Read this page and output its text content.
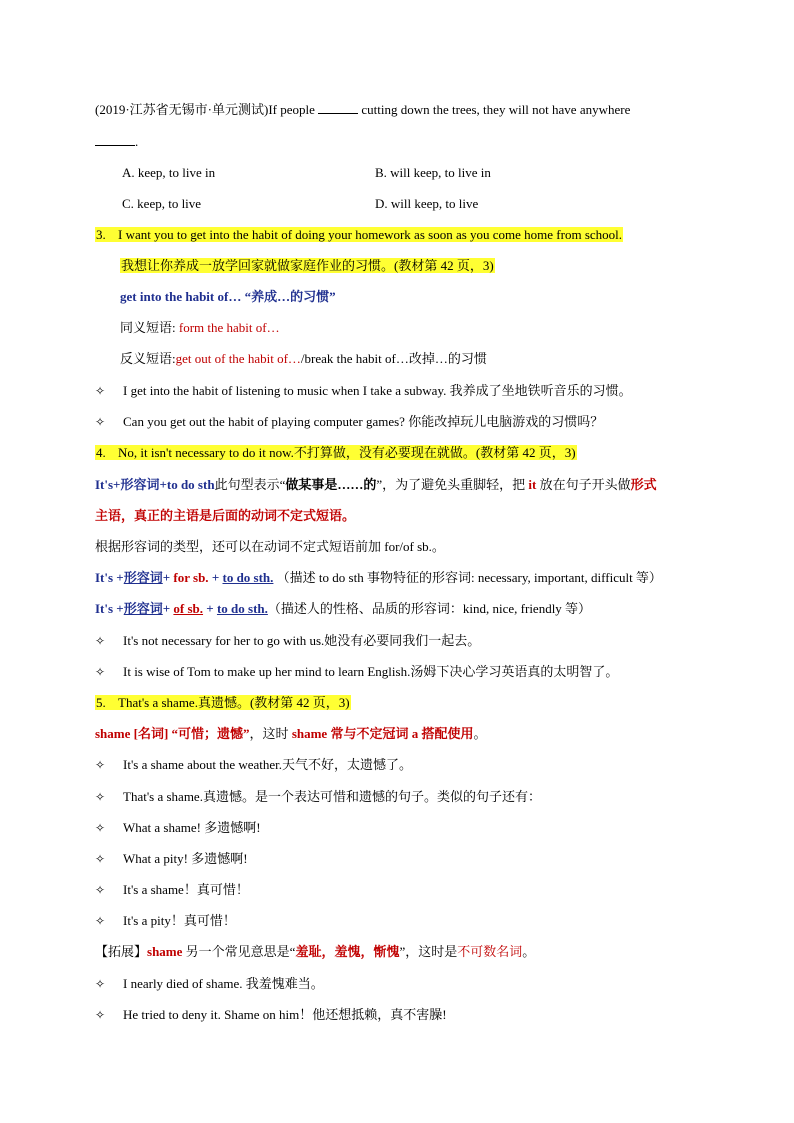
(2019·江苏省无锡市·单元测试)If people	cutting down the trees, they will not have anywhere
.
A. keep, to live in	B. will keep, to live in
C. keep, to live	D. will keep, to live
3. I want you to get into the habit of doing your homework as soon as you come home from school.
我想让你养成一放学回家就做家庭作业的习惯。(教材第 42 页，3)
get into the habit of… “养成…的习惯”
同义短语: form the habit of…
反义短语:get out of the habit of…/break the habit of…改掉…的习惯
✧ I get into the habit of listening to music when I take a subway. 我养成了坐地铁听音乐的习惯。
✧ Can you get out the habit of playing computer games? 你能改掉玩儿电脑游戏的习惯吗？
4. No, it isn't necessary to do it now.不打算做，没有必要现在就做。(教材第 42 页，3)
It's+形容词+to do sth此句型表示“做某事是……的”，为了避免头重脚轻，把 it 放在句子开头做形式
主语，真正的主语是后面的动词不定式短语。
根据形容词的类型，还可以在动词不定式短语前加 for/of sb.。
It's +形容词+ for sb. + to do sth. （描述 to do sth 事物特征的形容词: necessary, important, difficult 等）
It's +形容词+ of sb. + to do sth.（描述人的性格、品质的形容词：kind, nice, friendly 等）
✧ It's not necessary for her to go with us.她没有必要同我们一起去。
✧ It is wise of Tom to make up her mind to learn English.汤姆下决心学习英语真的太明智了。
5. That's a shame.真遗憾。(教材第 42 页，3)
shame [名词] “可惜；遗憾”，这时 shame 常与不定冠词 a 搭配使用。
✧ It's a shame about the weather.天气不好，太遗憾了。
✧ That's a shame.真遗憾。是一个表达可惜和遗憾的句子。类似的句子还有：
✧ What a shame! 多遗憾啊!
✧ What a pity! 多遗憾啊!
✧ It's a shame！真可惜！
✧ It's a pity！真可惜！
【拓展】shame 另一个常见意思是“羞耻，羞愧，惭愧”，这时是不可数名词。
✧ I nearly died of shame. 我羞愧难当。
✧ He tried to deny it. Shame on him！他还想抵赖，真不害臊!
